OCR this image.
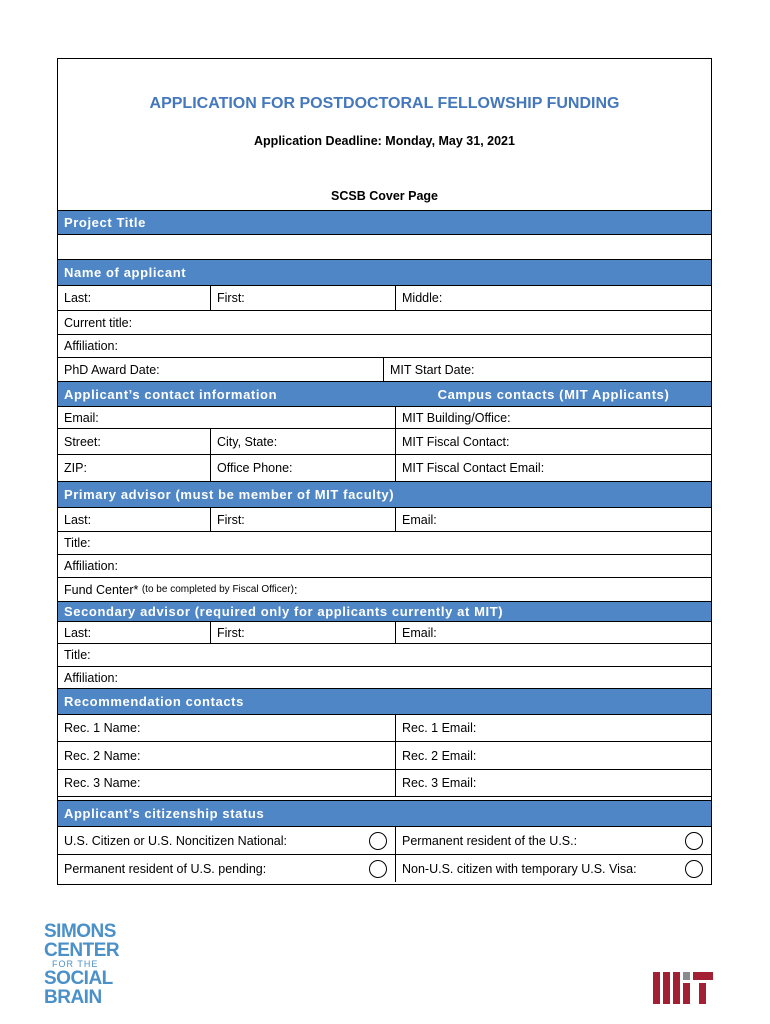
APPLICATION FOR POSTDOCTORAL FELLOWSHIP FUNDING
Application Deadline: Monday, May 31, 2021
SCSB Cover Page
Project Title
Name of applicant
Last:	First:	Middle:
Current title:
Affiliation:
PhD Award Date:	MIT Start Date:
Applicant’s contact information	Campus contacts (MIT Applicants)
Email:	MIT Building/Office:
Street:	City, State:	MIT Fiscal Contact:
ZIP:	Office Phone:	MIT Fiscal Contact Email:
Primary advisor (must be member of MIT faculty)
Last:	First:	Email:
Title:
Affiliation:
Fund Center*
(to be completed by Fiscal Officer) :
Secondary advisor (required only for applicants currently at MIT)
Last:	First:	Email:
Title:
Affiliation:
Recommendation contacts
Rec. 1 Name:	Rec. 1 Email:
Rec. 2 Name:	Rec. 2 Email:
Rec. 3 Name:	Rec. 3 Email:
Applicant’s citizenship status
U.S. Citizen or U.S. Noncitizen National:	Permanent resident of the U.S.:
Permanent resident of U.S. pending:	Non-U.S. citizen with temporary U.S. Visa:
SIMONS
CENTER
FOR THE
SOCIAL
BRAIN
